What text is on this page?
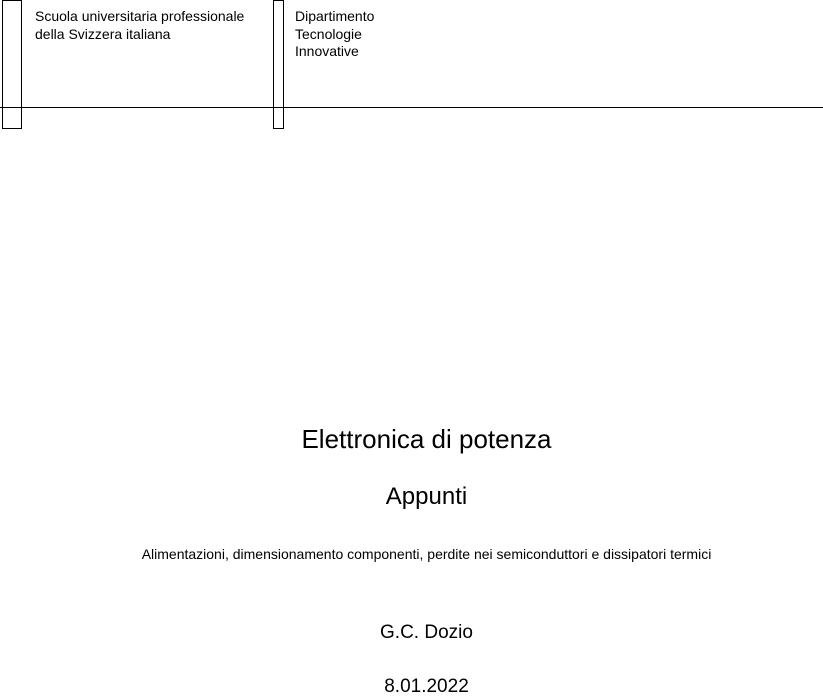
Scuola universitaria professionale
della Svizzera italiana
Dipartimento
Tecnologie
Innovative
Elettronica di potenza
Appunti
Alimentazioni, dimensionamento componenti, perdite nei semiconduttori e dissipatori termici
G.C. Dozio
8.01.2022
